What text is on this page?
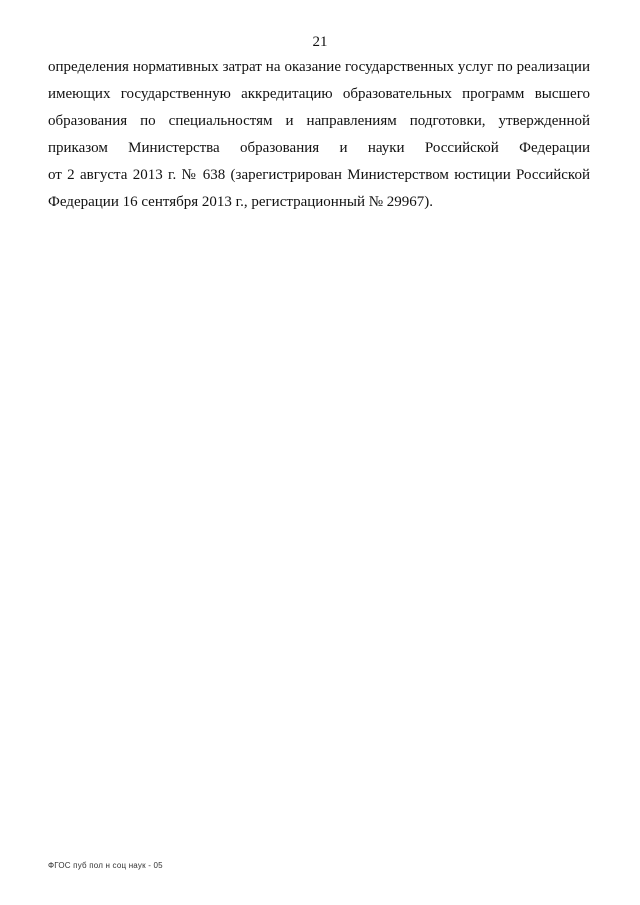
21
определения нормативных затрат на оказание государственных услуг по реализации
имеющих государственную аккредитацию образовательных программ высшего
образования по специальностям и направлениям подготовки, утвержденной
приказом Министерства образования и науки Российской Федерации
от 2 августа 2013 г. № 638 (зарегистрирован Министерством юстиции Российской
Федерации 16 сентября 2013 г., регистрационный № 29967).
ФГОС пуб пол н соц наук - 05
